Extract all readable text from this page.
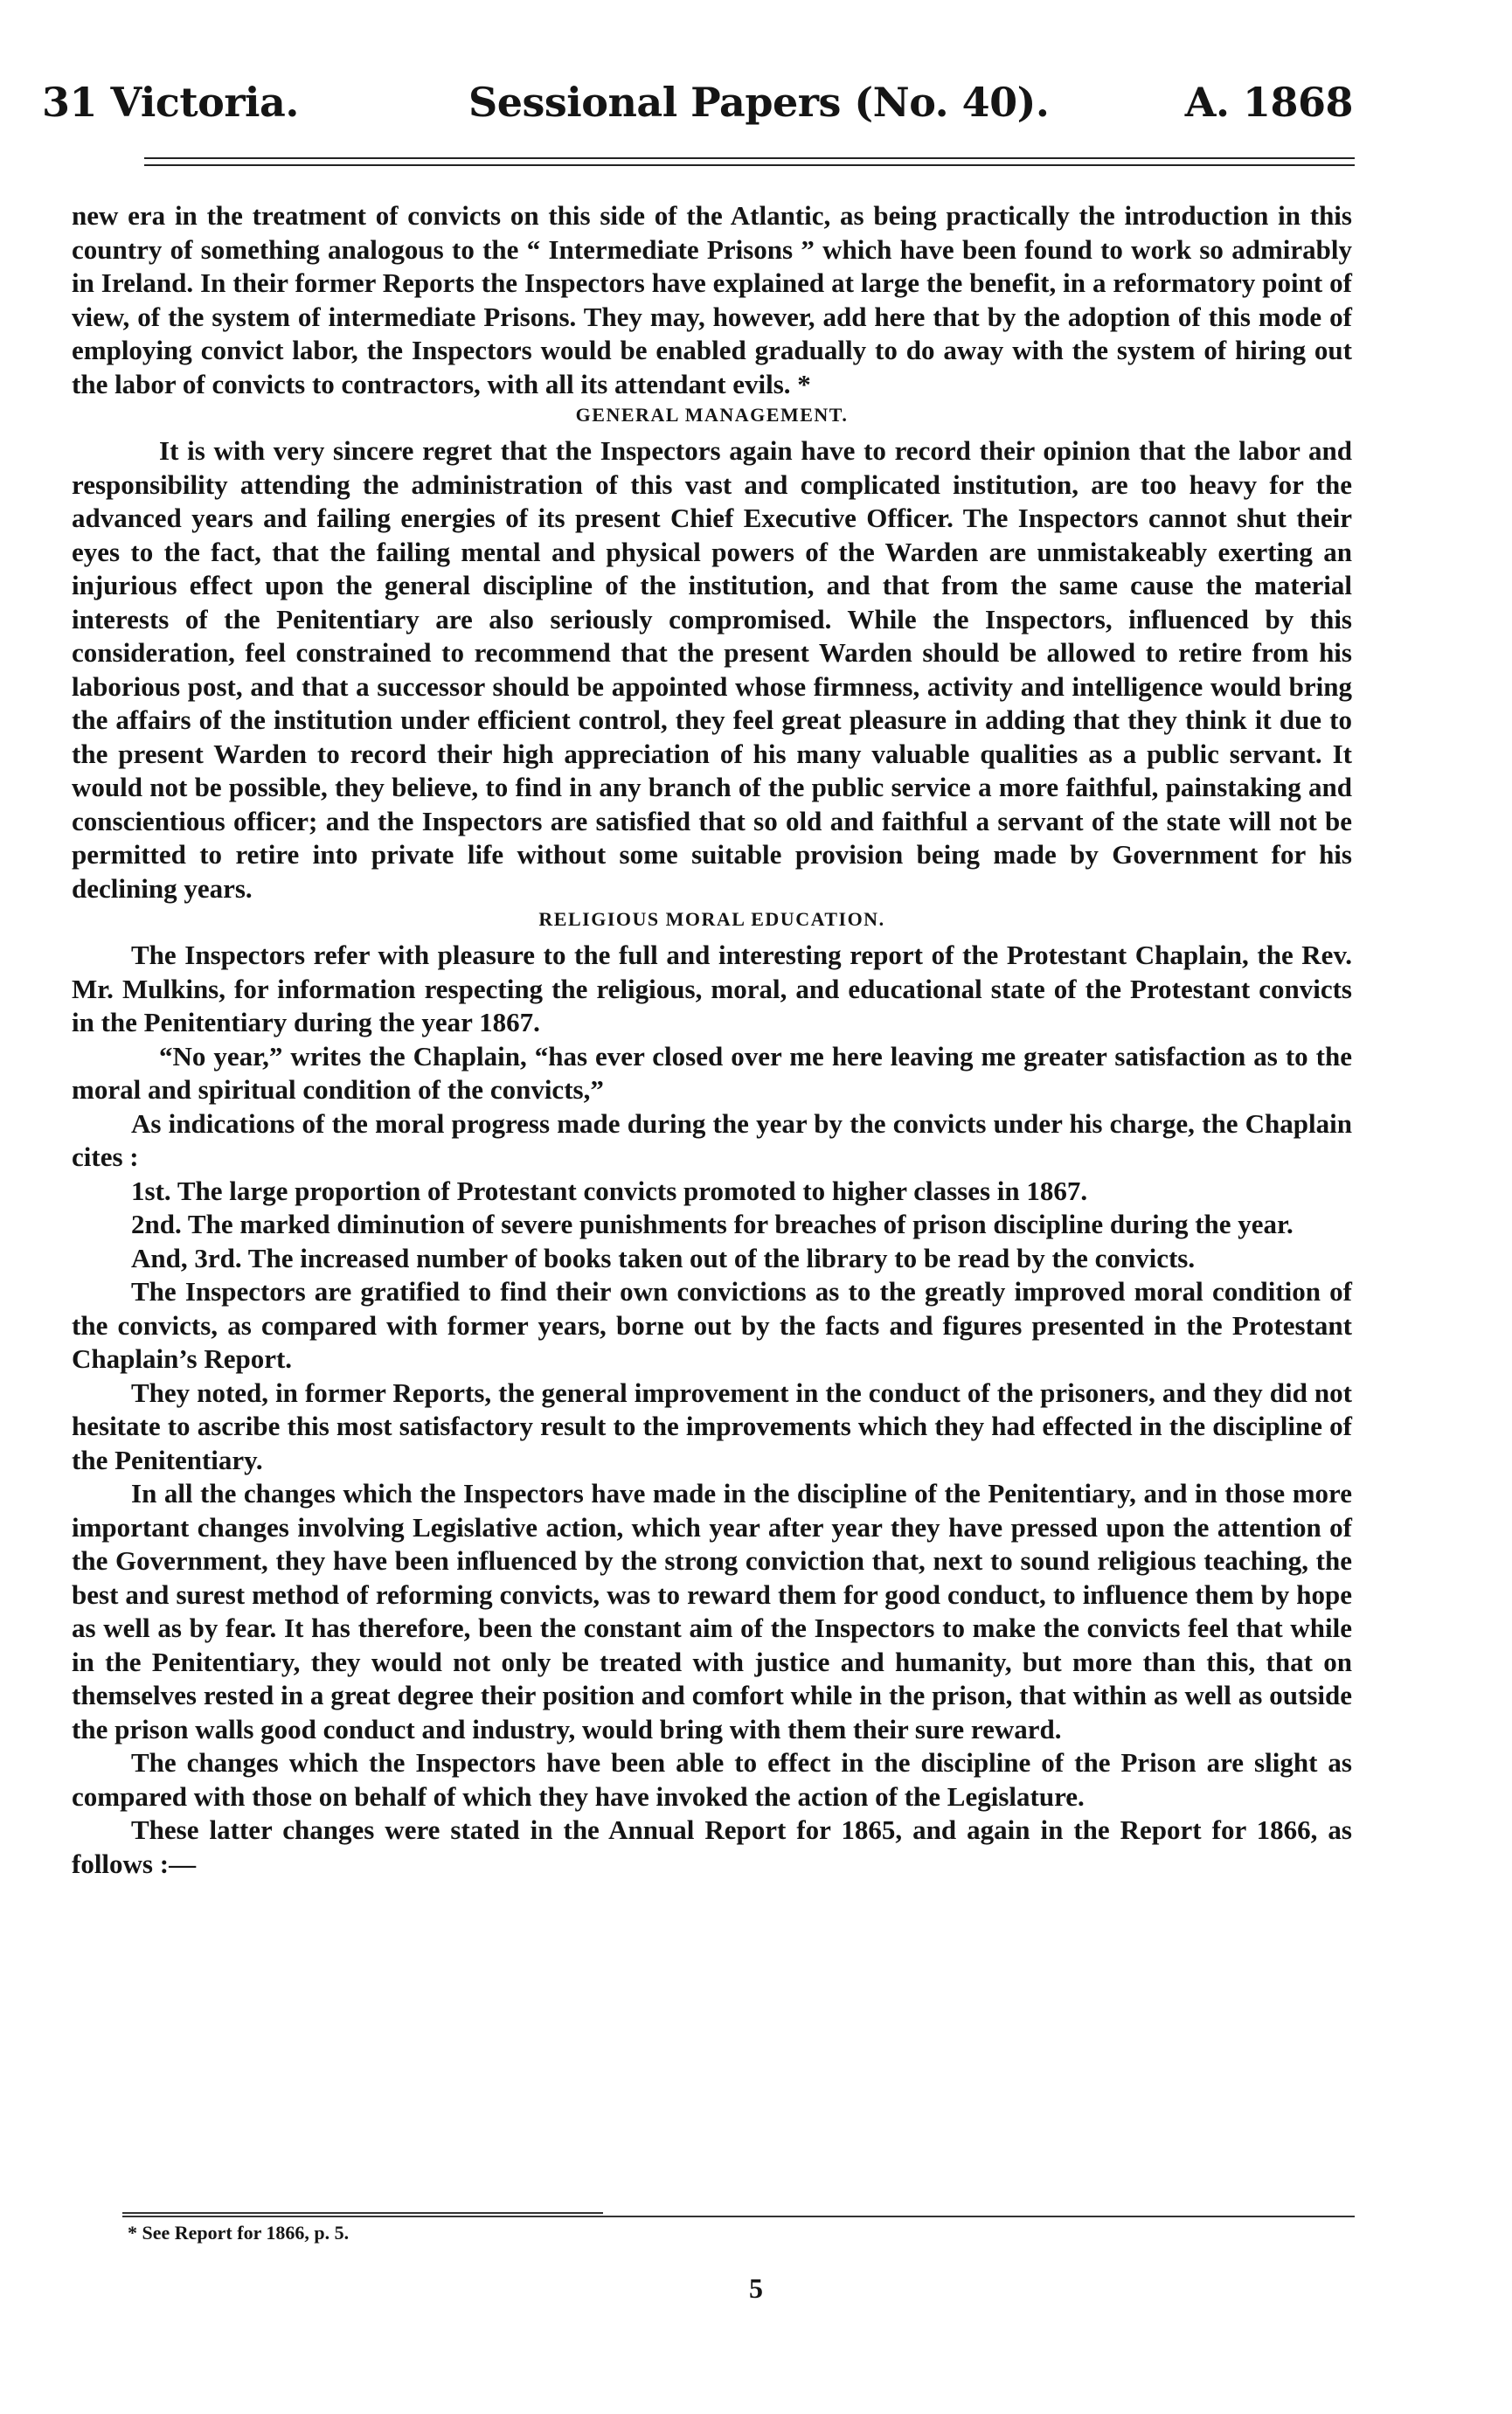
31 Victoria.	Sessional Papers (No. 40).	A. 1868

new era in the treatment of convicts on this side of the Atlantic, as being practically the introduction in this country of something analogous to the “ Intermediate Prisons ” which have been found to work so admirably in Ireland. In their former Reports the Inspectors have explained at large the benefit, in a reformatory point of view, of the system of intermediate Prisons. They may, however, add here that by the adoption of this mode of employing convict labor, the Inspectors would be enabled gradually to do away with the system of hiring out the labor of convicts to contractors, with all its attendant evils. *

GENERAL MANAGEMENT.

It is with very sincere regret that the Inspectors again have to record their opinion that the labor and responsibility attending the administration of this vast and complicated institution, are too heavy for the advanced years and failing energies of its present Chief Executive Officer. The Inspectors cannot shut their eyes to the fact, that the failing mental and physical powers of the Warden are unmistakeably exerting an injurious effect upon the general discipline of the institution, and that from the same cause the material interests of the Penitentiary are also seriously compromised. While the Inspectors, influenced by this consideration, feel constrained to recommend that the present Warden should be allowed to retire from his laborious post, and that a successor should be appointed whose firmness, activity and intelligence would bring the affairs of the institution under efficient control, they feel great pleasure in adding that they think it due to the present Warden to record their high appreciation of his many valuable qualities as a public servant. It would not be possible, they believe, to find in any branch of the public service a more faithful, painstaking and conscientious officer; and the Inspectors are satisfied that so old and faithful a servant of the state will not be permitted to retire into private life without some suitable provision being made by Government for his declining years.

RELIGIOUS MORAL EDUCATION.

The Inspectors refer with pleasure to the full and interesting report of the Protestant Chaplain, the Rev. Mr. Mulkins, for information respecting the religious, moral, and educational state of the Protestant convicts in the Penitentiary during the year 1867.

“No year,” writes the Chaplain, “has ever closed over me here leaving me greater satisfaction as to the moral and spiritual condition of the convicts,”

As indications of the moral progress made during the year by the convicts under his charge, the Chaplain cites :

1st. The large proportion of Protestant convicts promoted to higher classes in 1867.

2nd. The marked diminution of severe punishments for breaches of prison discipline during the year.

And, 3rd. The increased number of books taken out of the library to be read by the convicts.

The Inspectors are gratified to find their own convictions as to the greatly improved moral condition of the convicts, as compared with former years, borne out by the facts and figures presented in the Protestant Chaplain’s Report.

They noted, in former Reports, the general improvement in the conduct of the prisoners, and they did not hesitate to ascribe this most satisfactory result to the improvements which they had effected in the discipline of the Penitentiary.

In all the changes which the Inspectors have made in the discipline of the Penitentiary, and in those more important changes involving Legislative action, which year after year they have pressed upon the attention of the Government, they have been influenced by the strong conviction that, next to sound religious teaching, the best and surest method of reforming convicts, was to reward them for good conduct, to influence them by hope as well as by fear. It has therefore, been the constant aim of the Inspectors to make the convicts feel that while in the Penitentiary, they would not only be treated with justice and humanity, but more than this, that on themselves rested in a great degree their position and comfort while in the prison, that within as well as outside the prison walls good conduct and industry, would bring with them their sure reward.

The changes which the Inspectors have been able to effect in the discipline of the Prison are slight as compared with those on behalf of which they have invoked the action of the Legislature.

These latter changes were stated in the Annual Report for 1865, and again in the Report for 1866, as follows :—

* See Report for 1866, p. 5.
5
